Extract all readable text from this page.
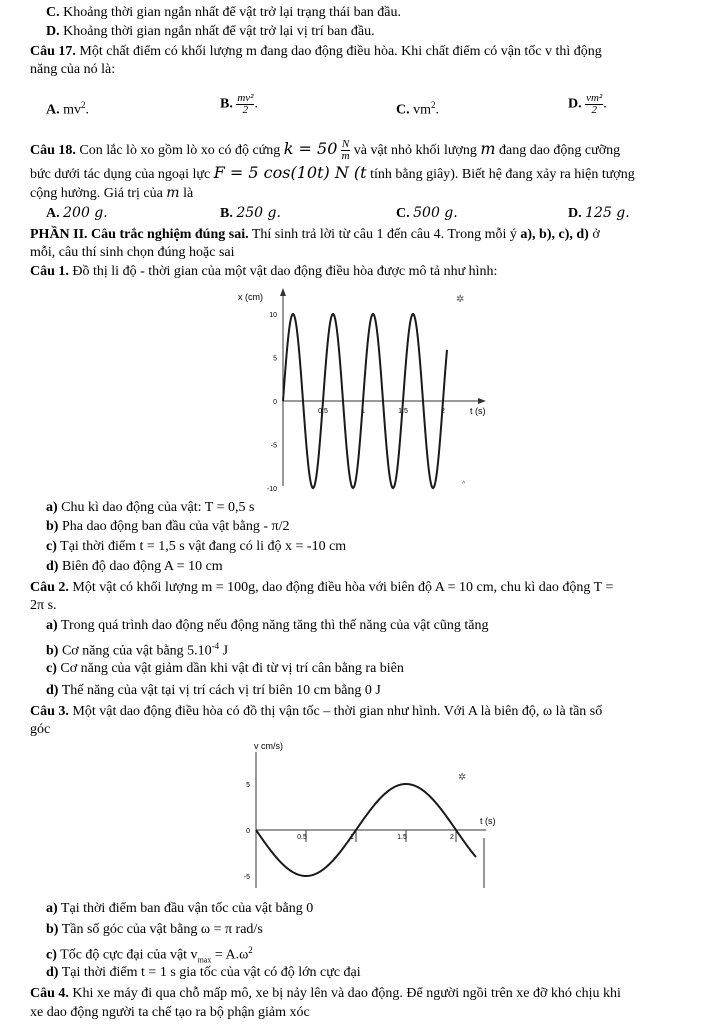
C. Khoảng thời gian ngắn nhất để vật trở lại trạng thái ban đầu.
D. Khoảng thời gian ngắn nhất để vật trở lại vị trí ban đầu.
Câu 17. Một chất điểm có khối lượng m đang dao động điều hòa. Khi chất điểm có vận tốc v thì động
năng của nó là:
A. $mv^2$.	B. $\frac{\text{mv²}}{2}$ .	C. $vm^2$.	D. $\frac{\text{vm²}}{2}$ .
Câu 18. Con lắc lò xo gồm lò xo có độ cứng $k = 50 \frac{N}{m}$ và vật nhỏ khối lượng m đang dao động cưỡng
bức dưới tác dụng của ngoại lực F = 5 cos(10t) N (t tính bằng giây). Biết hệ đang xảy ra hiện tượng
cộng hưởng. Giá trị của m là
A. 200 g.	B. 250 g.	C. 500 g.	D. 125 g.
PHẦN II. Câu trắc nghiệm đúng sai. Thí sinh trả lời từ câu 1 đến câu 4. Trong mỗi ý a), b), c), d) ở
mỗi, câu thí sinh chọn đúng hoặc sai
Câu 1. Đồ thị li độ - thời gian của một vật dao động điều hòa được mô tả như hình:
x (cm)
t (s)
10
5
0
-5
-10
0.5	1	1.5	2
✲
^
a) Chu kì dao động của vật: T = 0,5 s
b) Pha dao động ban đầu của vật bằng - π/2
c) Tại thời điểm t = 1,5 s vật đang có li độ x = -10 cm
d) Biên độ dao động A = 10 cm
Câu 2. Một vật có khối lượng m = 100g, dao động điều hòa với biên độ A = 10 cm, chu kì dao động T =
2π s.
a) Trong quá trình dao động nếu động năng tăng thì thế năng của vật cũng tăng
b) Cơ năng của vật bằng $5.10^{-4}$ J
c) Cơ năng của vật giảm dần khi vật đi từ vị trí cân bằng ra biên
d) Thế năng của vật tại vị trí cách vị trí biên 10 cm bằng 0 J
Câu 3. Một vật dao động điều hòa có đồ thị vận tốc – thời gian như hình. Với A là biên độ, ω là tần số
góc
v cm/s)
t (s)
5
0
-5
0.5	1	1.5	2
✲
a) Tại thời điểm ban đầu vận tốc của vật bằng 0
b) Tần số góc của vật bằng ω = π rad/s
c) Tốc độ cực đại của vật $v_{max} = A.\omega^2$
d) Tại thời điểm t = 1 s gia tốc của vật có độ lớn cực đại
Câu 4. Khi xe máy đi qua chỗ mấp mô, xe bị nảy lên và dao động. Để người ngồi trên xe đỡ khó chịu khi
xe dao động người ta chế tạo ra bộ phận giảm xóc
